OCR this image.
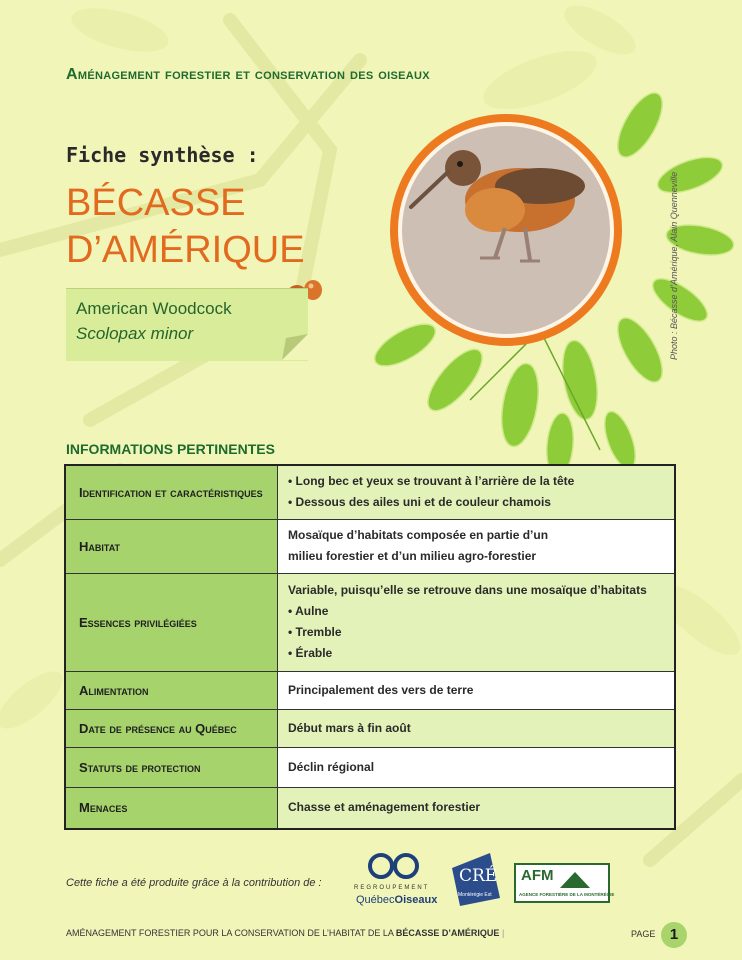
Aménagement forestier et conservation des oiseaux
Fiche synthèse :
BÉCASSE
D’AMÉRIQUE
American Woodcock
Scolopax minor	Photo : Bécasse d’Amérique, Alain Quenneville
INFORMATIONS PERTINENTES
Identification et caractéristiques	• Long bec et yeux se trouvant à l’arrière de la tête
• Dessous des ailes uni et de couleur chamois

Habitat	Mosaïque d’habitats composée en partie d’un
milieu forestier et d’un milieu agro-forestier

Essences privilégiées	Variable, puisqu’elle se retrouve dans une mosaïque d’habitats
• Aulne
• Tremble
• Érable

Alimentation	Principalement des vers de terre

Date de présence au Québec	Début mars à fin août

Statuts de protection	Déclin régional

Menaces	Chasse et aménagement forestier
Cette fiche a été produite grâce à la contribution de :	REGROUPEMENT
QuébecOiseaux
CRÉ
Montérégie Est
AFM
AGENCE FORESTIÈRE DE LA MONTÉRÉGIE
AMÉNAGEMENT FORESTIER POUR LA CONSERVATION DE L’HABITAT DE LA BÉCASSE D’AMÉRIQUE |	PAGE 1
